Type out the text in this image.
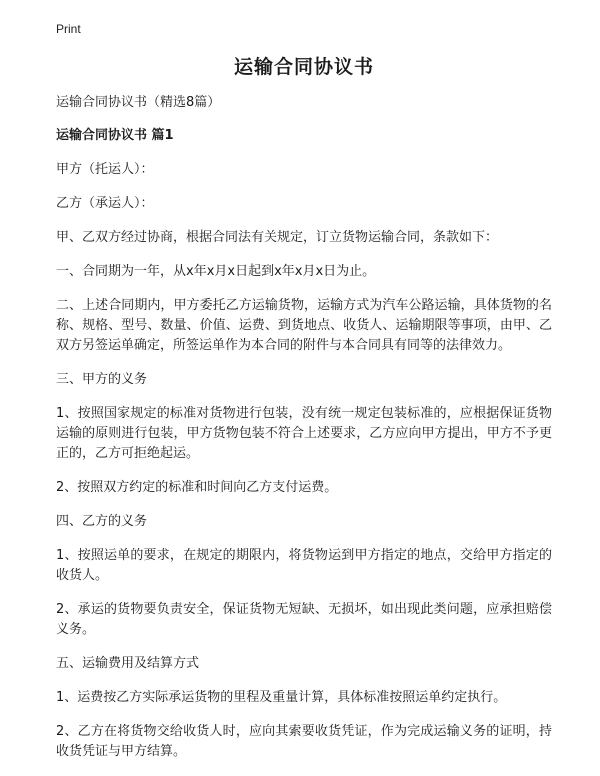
Print
运输合同协议书

运输合同协议书（精选8篇）

运输合同协议书 篇1

甲方（托运人）：

乙方（承运人）：

甲、乙双方经过协商，根据合同法有关规定，订立货物运输合同，条款如下：

一、合同期为一年，从x年x月x日起到x年x月x日为止。

二、上述合同期内，甲方委托乙方运输货物，运输方式为汽车公路运输，具体货物的名称、规格、型号、数量、价值、运费、到货地点、收货人、运输期限等事项，由甲、乙双方另签运单确定，所签运单作为本合同的附件与本合同具有同等的法律效力。

三、甲方的义务

1、按照国家规定的标准对货物进行包装，没有统一规定包装标准的，应根据保证货物运输的原则进行包装，甲方货物包装不符合上述要求，乙方应向甲方提出，甲方不予更正的，乙方可拒绝起运。

2、按照双方约定的标准和时间向乙方支付运费。

四、乙方的义务

1、按照运单的要求，在规定的期限内，将货物运到甲方指定的地点，交给甲方指定的收货人。

2、承运的货物要负责安全，保证货物无短缺、无损坏，如出现此类问题，应承担赔偿义务。

五、运输费用及结算方式

1、运费按乙方实际承运货物的里程及重量计算，具体标准按照运单约定执行。

2、乙方在将货物交给收货人时，应向其索要收货凭证，作为完成运输义务的证明，持收货凭证与甲方结算。
